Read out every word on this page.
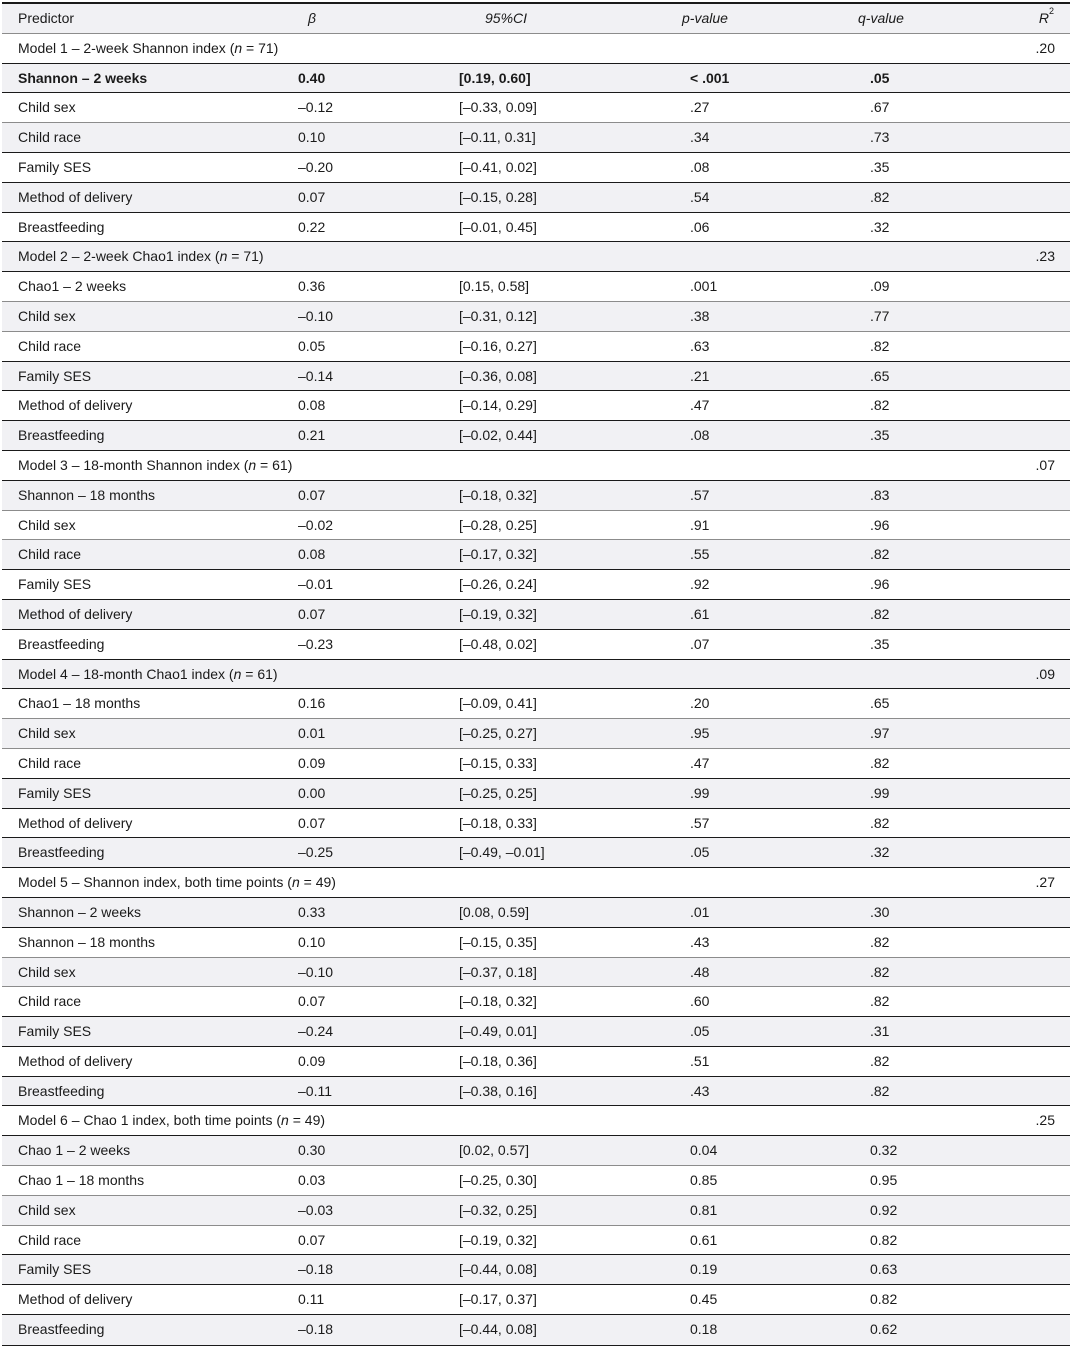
Predictor	β	95%CI	p-value	q-value	$R^2$
Model 1 – 2-week Shannon index (n = 71)	.20
Shannon – 2 weeks	0.40	[0.19, 0.60]	< .001	.05
Child sex	–0.12	[–0.33, 0.09]	.27	.67
Child race	0.10	[–0.11, 0.31]	.34	.73
Family SES	–0.20	[–0.41, 0.02]	.08	.35
Method of delivery	0.07	[–0.15, 0.28]	.54	.82
Breastfeeding	0.22	[–0.01, 0.45]	.06	.32
Model 2 – 2-week Chao1 index (n = 71)	.23
Chao1 – 2 weeks	0.36	[0.15, 0.58]	.001	.09
Child sex	–0.10	[–0.31, 0.12]	.38	.77
Child race	0.05	[–0.16, 0.27]	.63	.82
Family SES	–0.14	[–0.36, 0.08]	.21	.65
Method of delivery	0.08	[–0.14, 0.29]	.47	.82
Breastfeeding	0.21	[–0.02, 0.44]	.08	.35
Model 3 – 18-month Shannon index (n = 61)	.07
Shannon – 18 months	0.07	[–0.18, 0.32]	.57	.83
Child sex	–0.02	[–0.28, 0.25]	.91	.96
Child race	0.08	[–0.17, 0.32]	.55	.82
Family SES	–0.01	[–0.26, 0.24]	.92	.96
Method of delivery	0.07	[–0.19, 0.32]	.61	.82
Breastfeeding	–0.23	[–0.48, 0.02]	.07	.35
Model 4 – 18-month Chao1 index (n = 61)	.09
Chao1 – 18 months	0.16	[–0.09, 0.41]	.20	.65
Child sex	0.01	[–0.25, 0.27]	.95	.97
Child race	0.09	[–0.15, 0.33]	.47	.82
Family SES	0.00	[–0.25, 0.25]	.99	.99
Method of delivery	0.07	[–0.18, 0.33]	.57	.82
Breastfeeding	–0.25	[–0.49, –0.01]	.05	.32
Model 5 – Shannon index, both time points (n = 49)	.27
Shannon – 2 weeks	0.33	[0.08, 0.59]	.01	.30
Shannon – 18 months	0.10	[–0.15, 0.35]	.43	.82
Child sex	–0.10	[–0.37, 0.18]	.48	.82
Child race	0.07	[–0.18, 0.32]	.60	.82
Family SES	–0.24	[–0.49, 0.01]	.05	.31
Method of delivery	0.09	[–0.18, 0.36]	.51	.82
Breastfeeding	–0.11	[–0.38, 0.16]	.43	.82
Model 6 – Chao 1 index, both time points (n = 49)	.25
Chao 1 – 2 weeks	0.30	[0.02, 0.57]	0.04	0.32
Chao 1 – 18 months	0.03	[–0.25, 0.30]	0.85	0.95
Child sex	–0.03	[–0.32, 0.25]	0.81	0.92
Child race	0.07	[–0.19, 0.32]	0.61	0.82
Family SES	–0.18	[–0.44, 0.08]	0.19	0.63
Method of delivery	0.11	[–0.17, 0.37]	0.45	0.82
Breastfeeding	–0.18	[–0.44, 0.08]	0.18	0.62
